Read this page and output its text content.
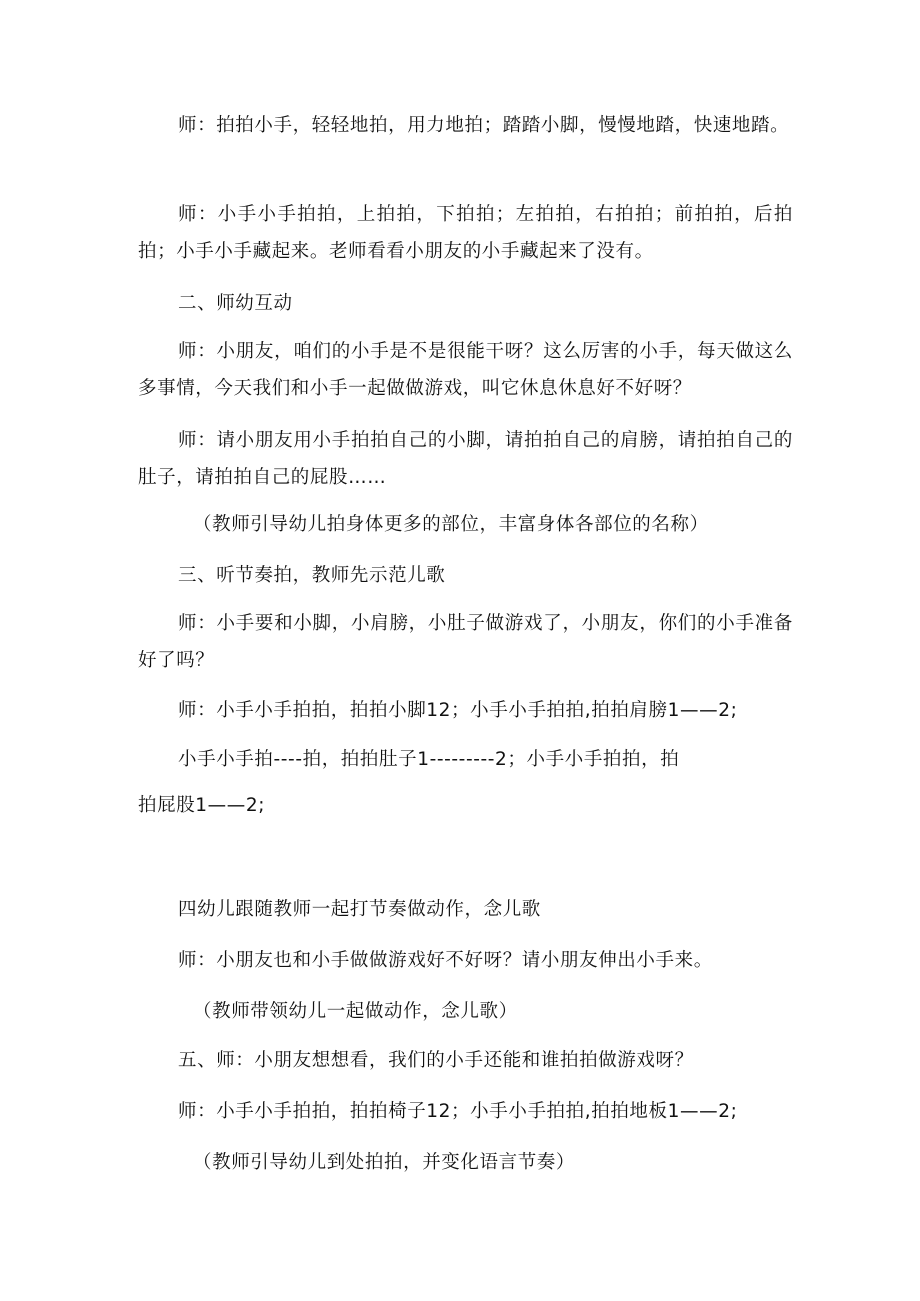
师：拍拍小手，轻轻地拍，用力地拍；踏踏小脚，慢慢地踏，快速地踏。

师：小手小手拍拍，上拍拍，下拍拍；左拍拍，右拍拍；前拍拍，后拍拍；小手小手藏起来。老师看看小朋友的小手藏起来了没有。

二、师幼互动

师：小朋友，咱们的小手是不是很能干呀？这么厉害的小手，每天做这么多事情，今天我们和小手一起做做游戏，叫它休息休息好不好呀？

师：请小朋友用小手拍拍自己的小脚，请拍拍自己的肩膀，请拍拍自己的肚子，请拍拍自己的屁股……

（教师引导幼儿拍身体更多的部位，丰富身体各部位的名称）

三、听节奏拍，教师先示范儿歌

师：小手要和小脚，小肩膀，小肚子做游戏了，小朋友，你们的小手准备好了吗？

师：小手小手拍拍，拍拍小脚12；小手小手拍拍,拍拍肩膀1——2;

小手小手拍----拍，拍拍肚子1---------2；小手小手拍拍，拍

拍屁股1——2;

四幼儿跟随教师一起打节奏做动作，念儿歌

师：小朋友也和小手做做游戏好不好呀？请小朋友伸出小手来。

（教师带领幼儿一起做动作，念儿歌）

五、师：小朋友想想看，我们的小手还能和谁拍拍做游戏呀？

师：小手小手拍拍，拍拍椅子12；小手小手拍拍,拍拍地板1——2;

（教师引导幼儿到处拍拍，并变化语言节奏）
